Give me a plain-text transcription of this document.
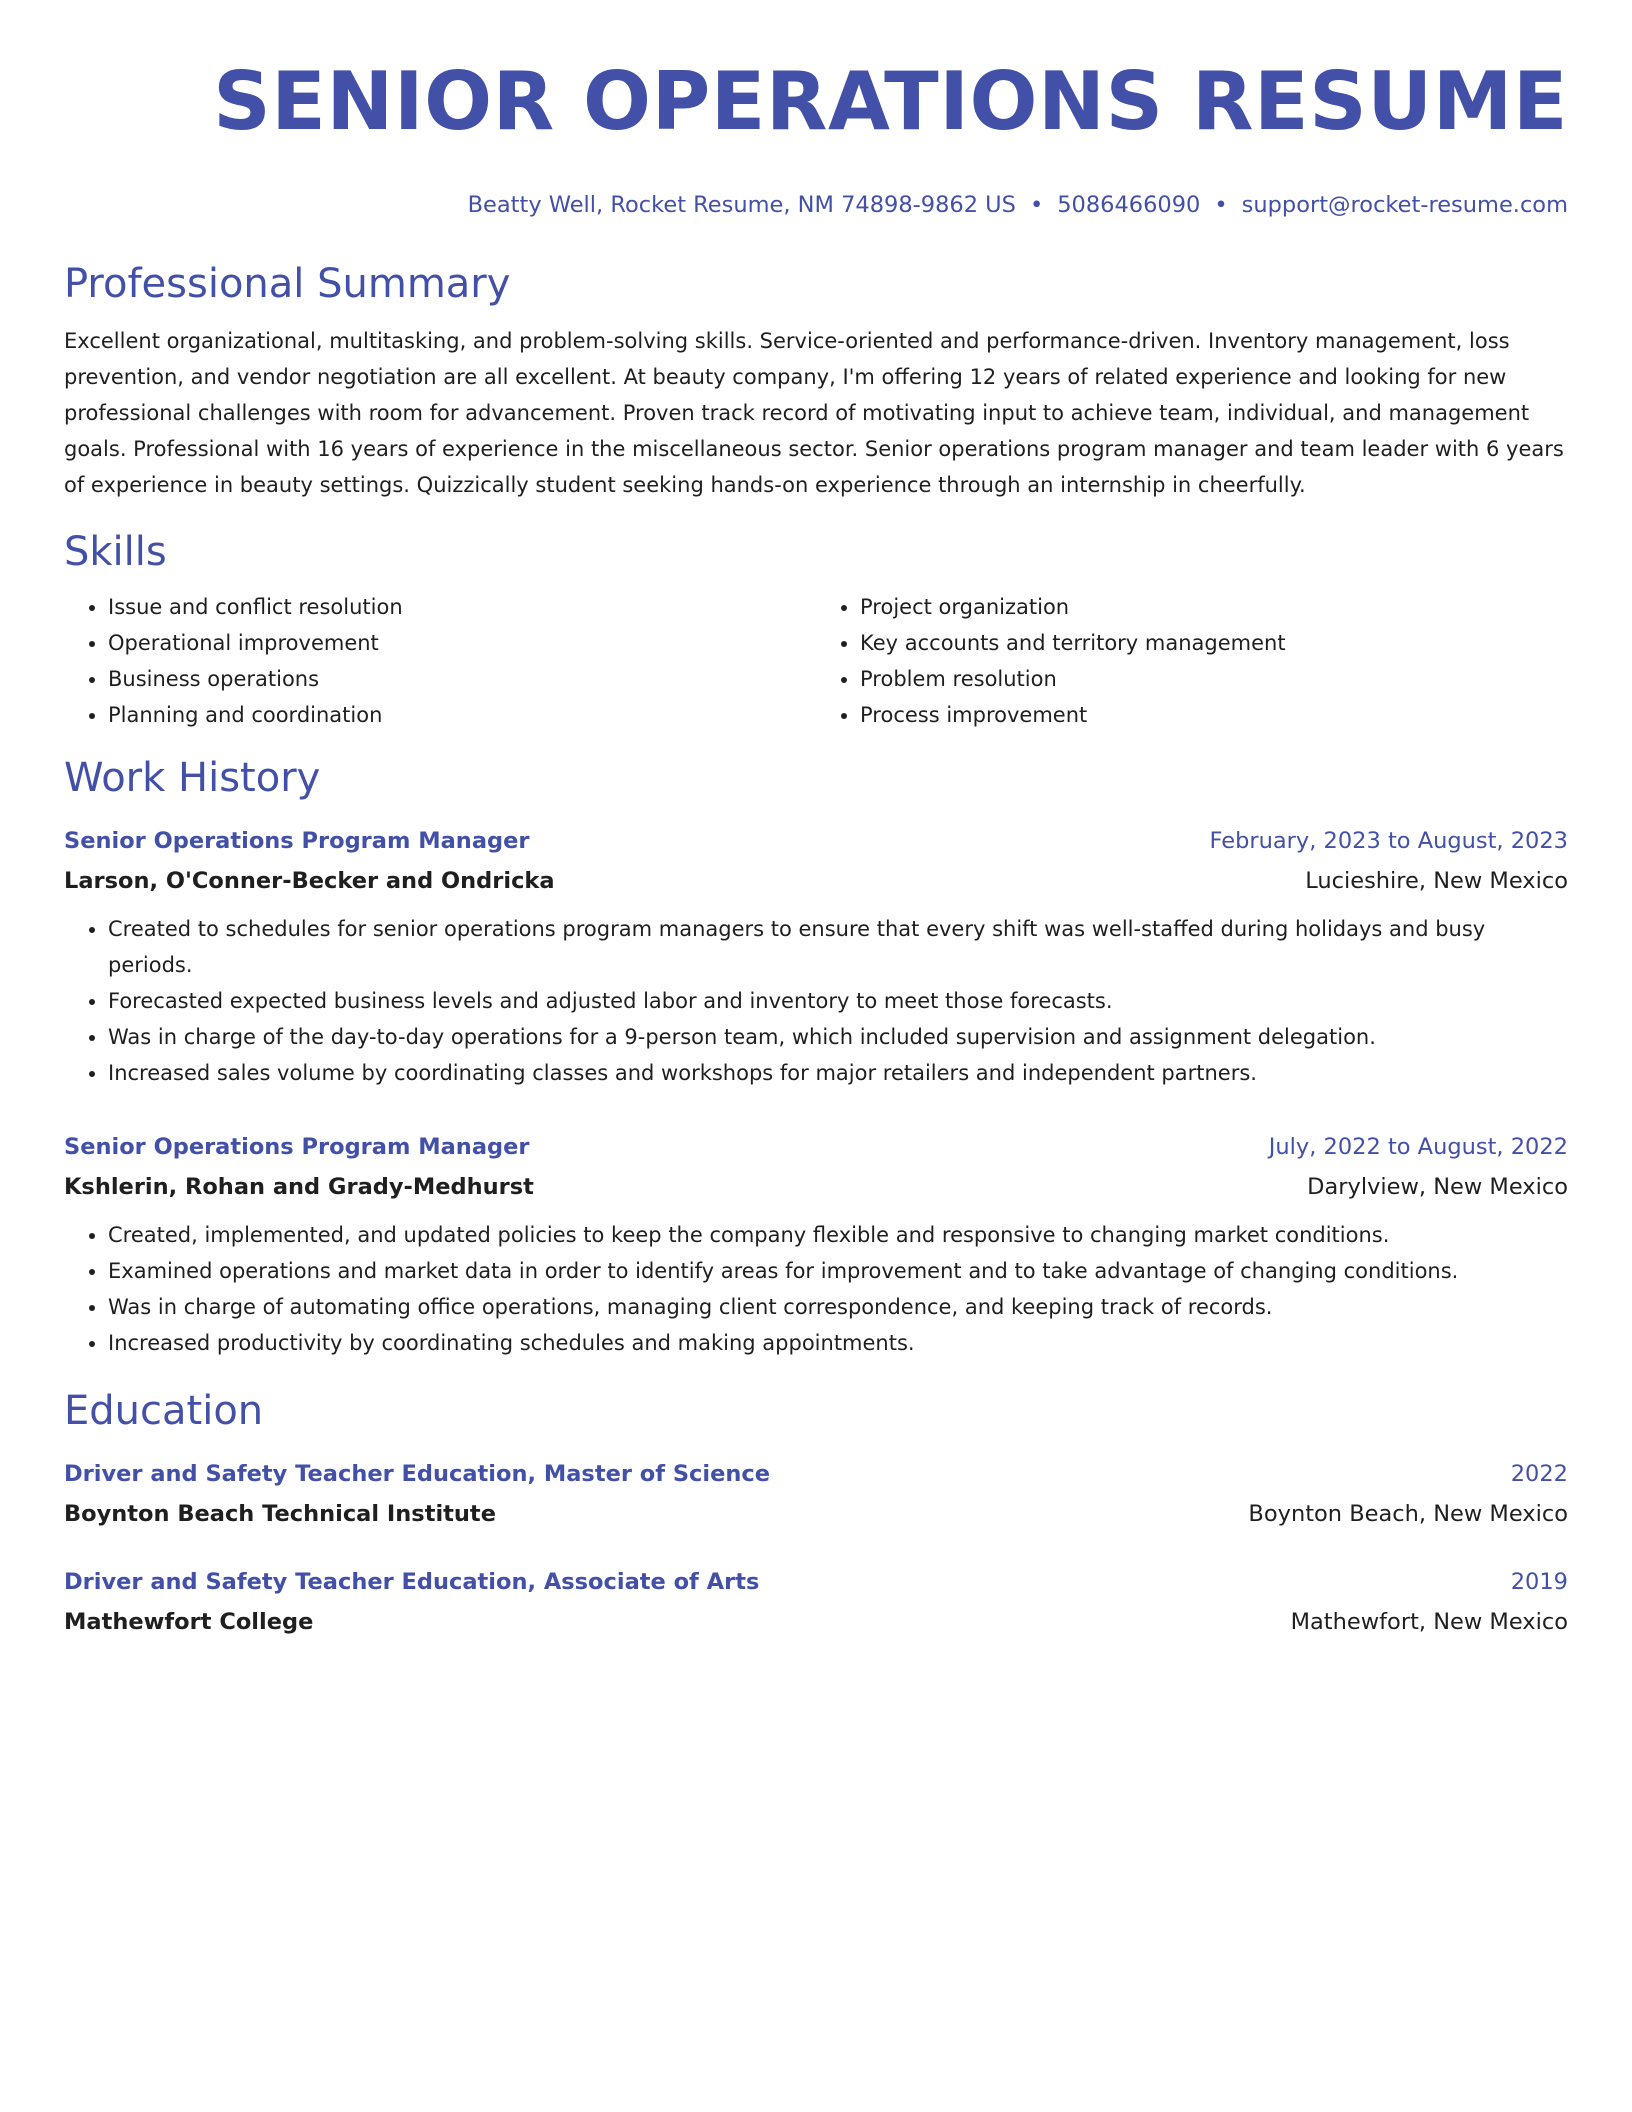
SENIOR OPERATIONS RESUME
Beatty Well, Rocket Resume, NM 74898-9862 US • 5086466090 • support@rocket-resume.com
Professional Summary

Excellent organizational, multitasking, and problem-solving skills. Service-oriented and performance-driven. Inventory management, loss prevention, and vendor negotiation are all excellent. At beauty company, I'm offering 12 years of related experience and looking for new professional challenges with room for advancement. Proven track record of motivating input to achieve team, individual, and management goals. Professional with 16 years of experience in the miscellaneous sector. Senior operations program manager and team leader with 6 years of experience in beauty settings. Quizzically student seeking hands-on experience through an internship in cheerfully.

Skills
• Issue and conflict resolution
• Operational improvement
• Business operations
• Planning and coordination
• Project organization
• Key accounts and territory management
• Problem resolution
• Process improvement
Work History
Senior Operations Program Manager	February, 2023 to August, 2023
Larson, O'Conner-Becker and Ondricka	Lucieshire, New Mexico
• Created to schedules for senior operations program managers to ensure that every shift was well-staffed during holidays and busy periods.
• Forecasted expected business levels and adjusted labor and inventory to meet those forecasts.
• Was in charge of the day-to-day operations for a 9-person team, which included supervision and assignment delegation.
• Increased sales volume by coordinating classes and workshops for major retailers and independent partners.
Senior Operations Program Manager	July, 2022 to August, 2022
Kshlerin, Rohan and Grady-Medhurst	Darylview, New Mexico
• Created, implemented, and updated policies to keep the company flexible and responsive to changing market conditions.
• Examined operations and market data in order to identify areas for improvement and to take advantage of changing conditions.
• Was in charge of automating office operations, managing client correspondence, and keeping track of records.
• Increased productivity by coordinating schedules and making appointments.
Education
Driver and Safety Teacher Education, Master of Science	2022
Boynton Beach Technical Institute	Boynton Beach, New Mexico
Driver and Safety Teacher Education, Associate of Arts	2019
Mathewfort College	Mathewfort, New Mexico
